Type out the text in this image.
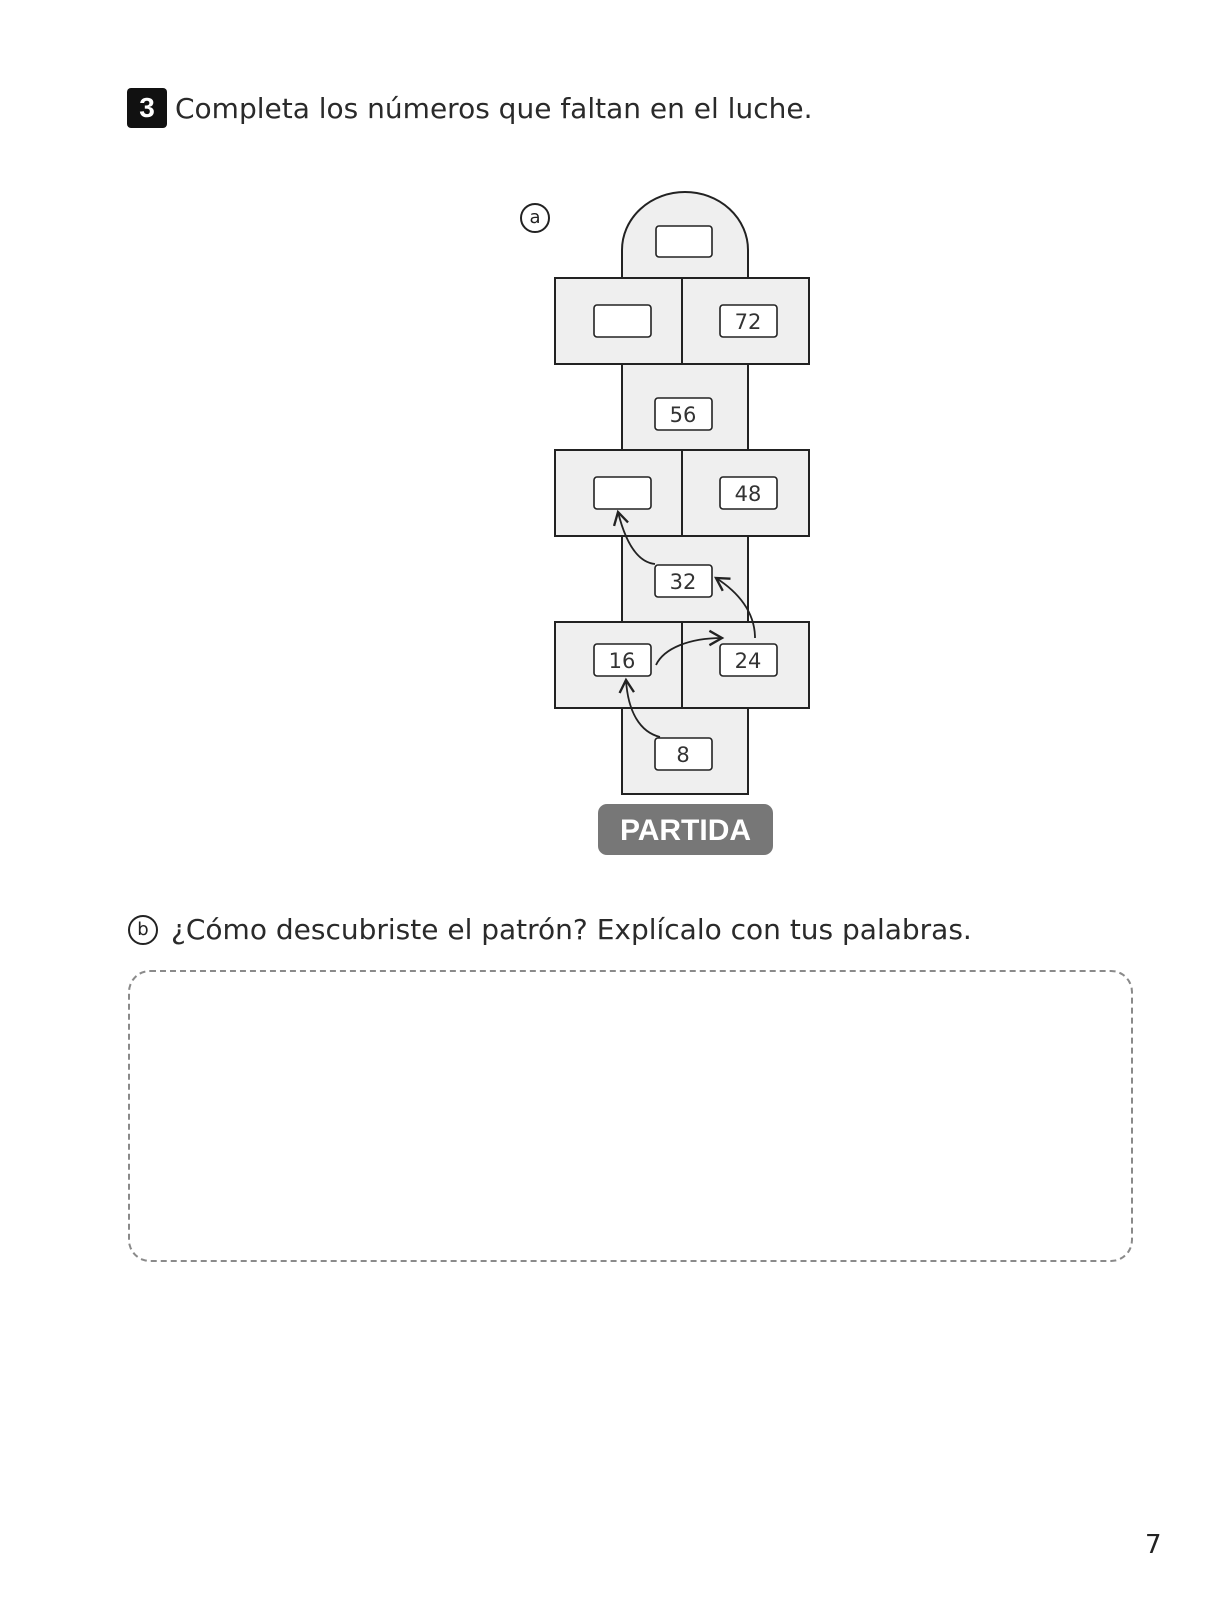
3 Completa los números que faltan en el luche.
a
72
56
48
32
16	24
8
PARTIDA
b ¿Cómo descubriste el patrón? Explícalo con tus palabras.
7
